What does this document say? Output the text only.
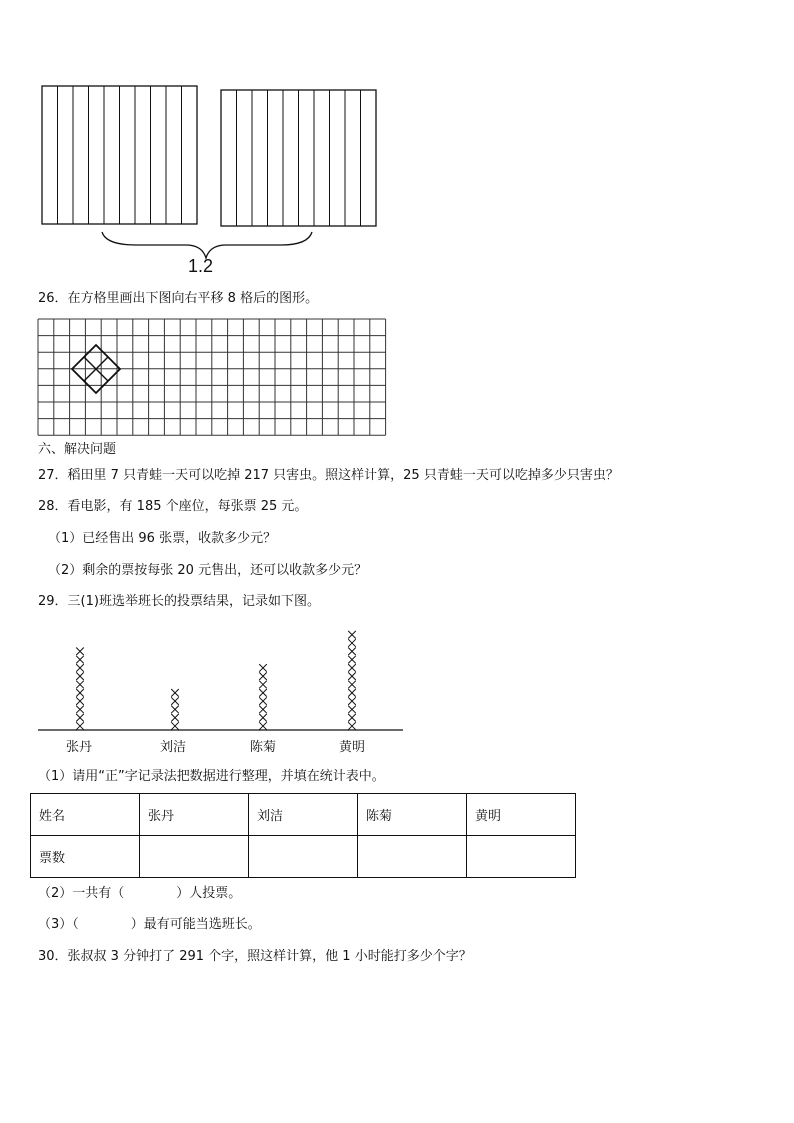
1.2
26．在方格里画出下图向右平移 8 格后的图形。
六、解决问题
27．稻田里 7 只青蛙一天可以吃掉 217 只害虫。照这样计算，25 只青蛙一天可以吃掉多少只害虫？
28．看电影，有 185 个座位，每张票 25 元。
（1）已经售出 96 张票，收款多少元？
（2）剩余的票按每张 20 元售出，还可以收款多少元？
29．三(1)班选举班长的投票结果，记录如下图。
张丹	刘洁	陈菊	黄明
（1）请用“正”字记录法把数据进行整理，并填在统计表中。
姓名	张丹	刘洁	陈菊	黄明
票数				
（2）一共有（　　　　）人投票。
（3）（　　　　）最有可能当选班长。
30．张叔叔 3 分钟打了 291 个字，照这样计算，他 1 小时能打多少个字？
